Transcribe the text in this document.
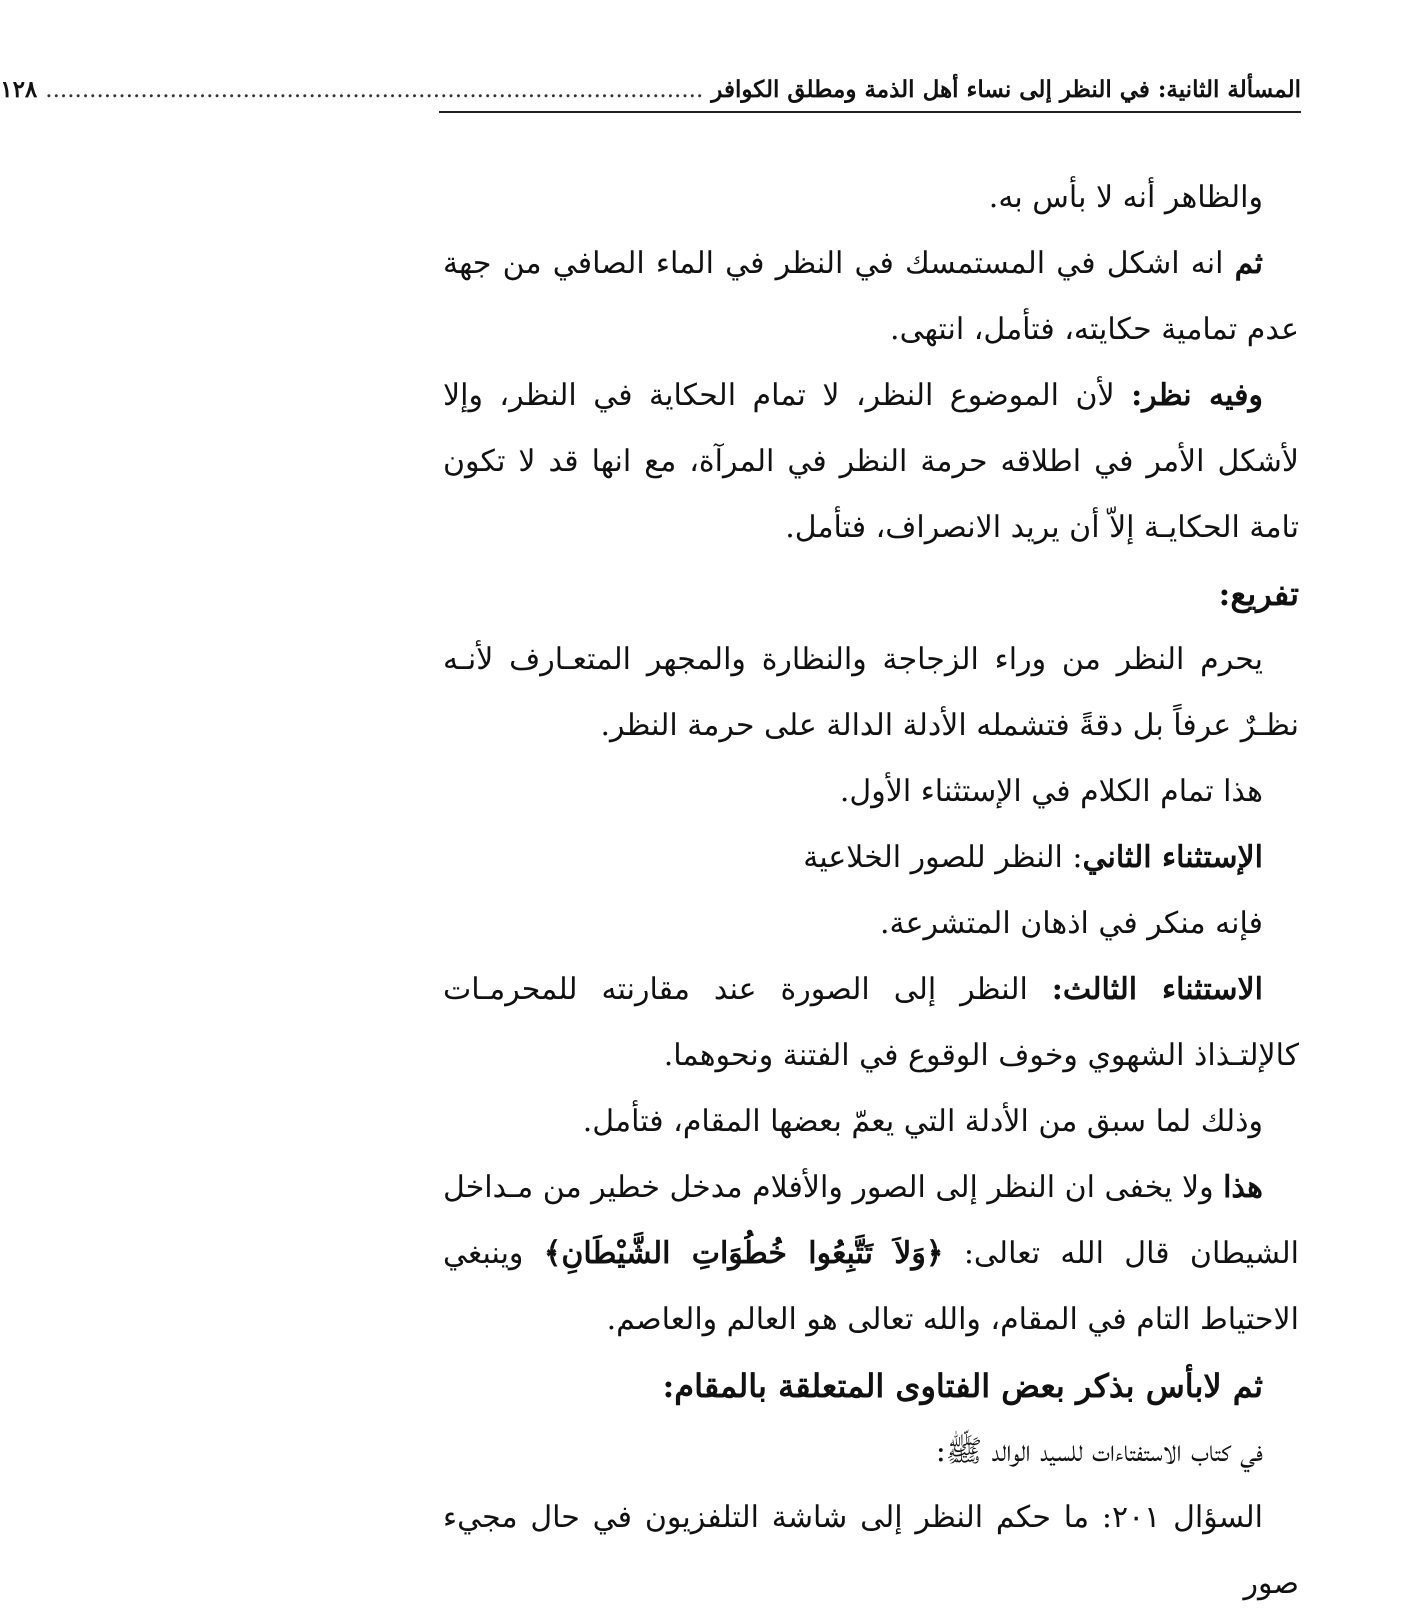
المسألة الثانية: في النظر إلى نساء أهل الذمة ومطلق الكوافر
..........................................................................................
١٢٨

والظاهر أنه لا بأس به.

ثم انه اشكل في المستمسك في النظر في الماء الصافي من جهة عدم تمامية حكايته، فتأمل، انتهى.

وفيه نظر: لأن الموضوع النظر، لا تمام الحكاية في النظر، وإلا لأشكل الأمر في اطلاقه حرمة النظر في المرآة، مع انها قد لا تكون تامة الحكايـة إلاّ أن يريد الانصراف، فتأمل.

تفريع:

يحرم النظر من وراء الزجاجة والنظارة والمجهر المتعـارف لأنـه نظـرٌ عرفاً بل دقةً فتشمله الأدلة الدالة على حرمة النظر.

هذا تمام الكلام في الإستثناء الأول.

الإستثناء الثاني: النظر للصور الخلاعية

فإنه منكر في اذهان المتشرعة.

الاستثناء الثالث: النظر إلى الصورة عند مقارنته للمحرمـات كالإلتـذاذ الشهوي وخوف الوقوع في الفتنة ونحوهما.

وذلك لما سبق من الأدلة التي يعمّ بعضها المقام، فتأمل.

هذا ولا يخفى ان النظر إلى الصور والأفلام مدخل خطير من مـداخل الشيطان قال الله تعالى: ﴿وَلاَ تَتَّبِعُوا خُطُوَاتِ الشَّيْطَانِ﴾ وينبغي الاحتياط التام في المقام، والله تعالى هو العالم والعاصم.

ثم لابأس بذكر بعض الفتاوى المتعلقة بالمقام:

في كتاب الاستفتاءات للسيد الوالد ﷺ:

السؤال ٢٠١: ما حكم النظر إلى شاشة التلفزيون في حال مجيء صور
